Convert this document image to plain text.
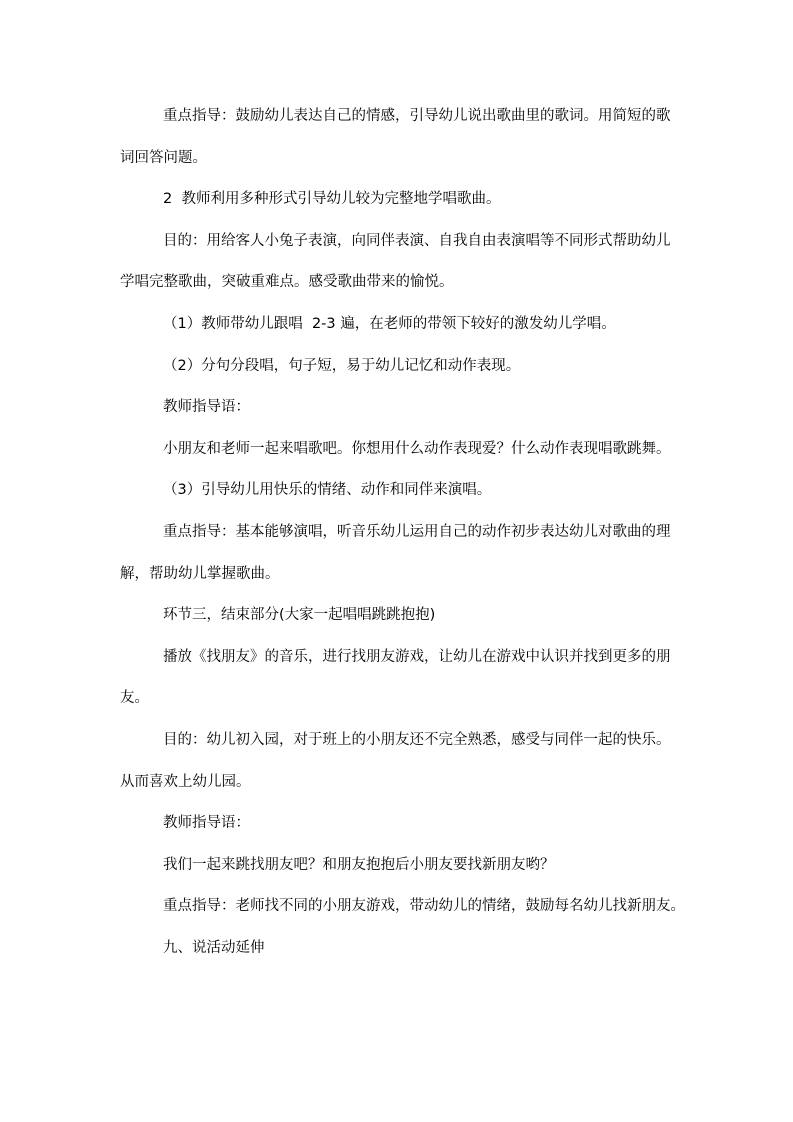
重点指导：鼓励幼儿表达自己的情感，引导幼儿说出歌曲里的歌词。用简短的歌
词回答问题。
2  教师利用多种形式引导幼儿较为完整地学唱歌曲。
目的：用给客人小兔子表演，向同伴表演、自我自由表演唱等不同形式帮助幼儿
学唱完整歌曲，突破重难点。感受歌曲带来的愉悦。
（1）教师带幼儿跟唱  2-3 遍，在老师的带领下较好的激发幼儿学唱。
（2）分句分段唱，句子短，易于幼儿记忆和动作表现。
教师指导语：
小朋友和老师一起来唱歌吧。你想用什么动作表现爱？什么动作表现唱歌跳舞。
（3）引导幼儿用快乐的情绪、动作和同伴来演唱。
重点指导：基本能够演唱，听音乐幼儿运用自己的动作初步表达幼儿对歌曲的理
解，帮助幼儿掌握歌曲。
环节三，结束部分(大家一起唱唱跳跳抱抱)
播放《找朋友》的音乐，进行找朋友游戏，让幼儿在游戏中认识并找到更多的朋
友。
目的：幼儿初入园，对于班上的小朋友还不完全熟悉，感受与同伴一起的快乐。
从而喜欢上幼儿园。
教师指导语：
我们一起来跳找朋友吧？和朋友抱抱后小朋友要找新朋友哟？
重点指导：老师找不同的小朋友游戏，带动幼儿的情绪，鼓励每名幼儿找新朋友。
九、说活动延伸
